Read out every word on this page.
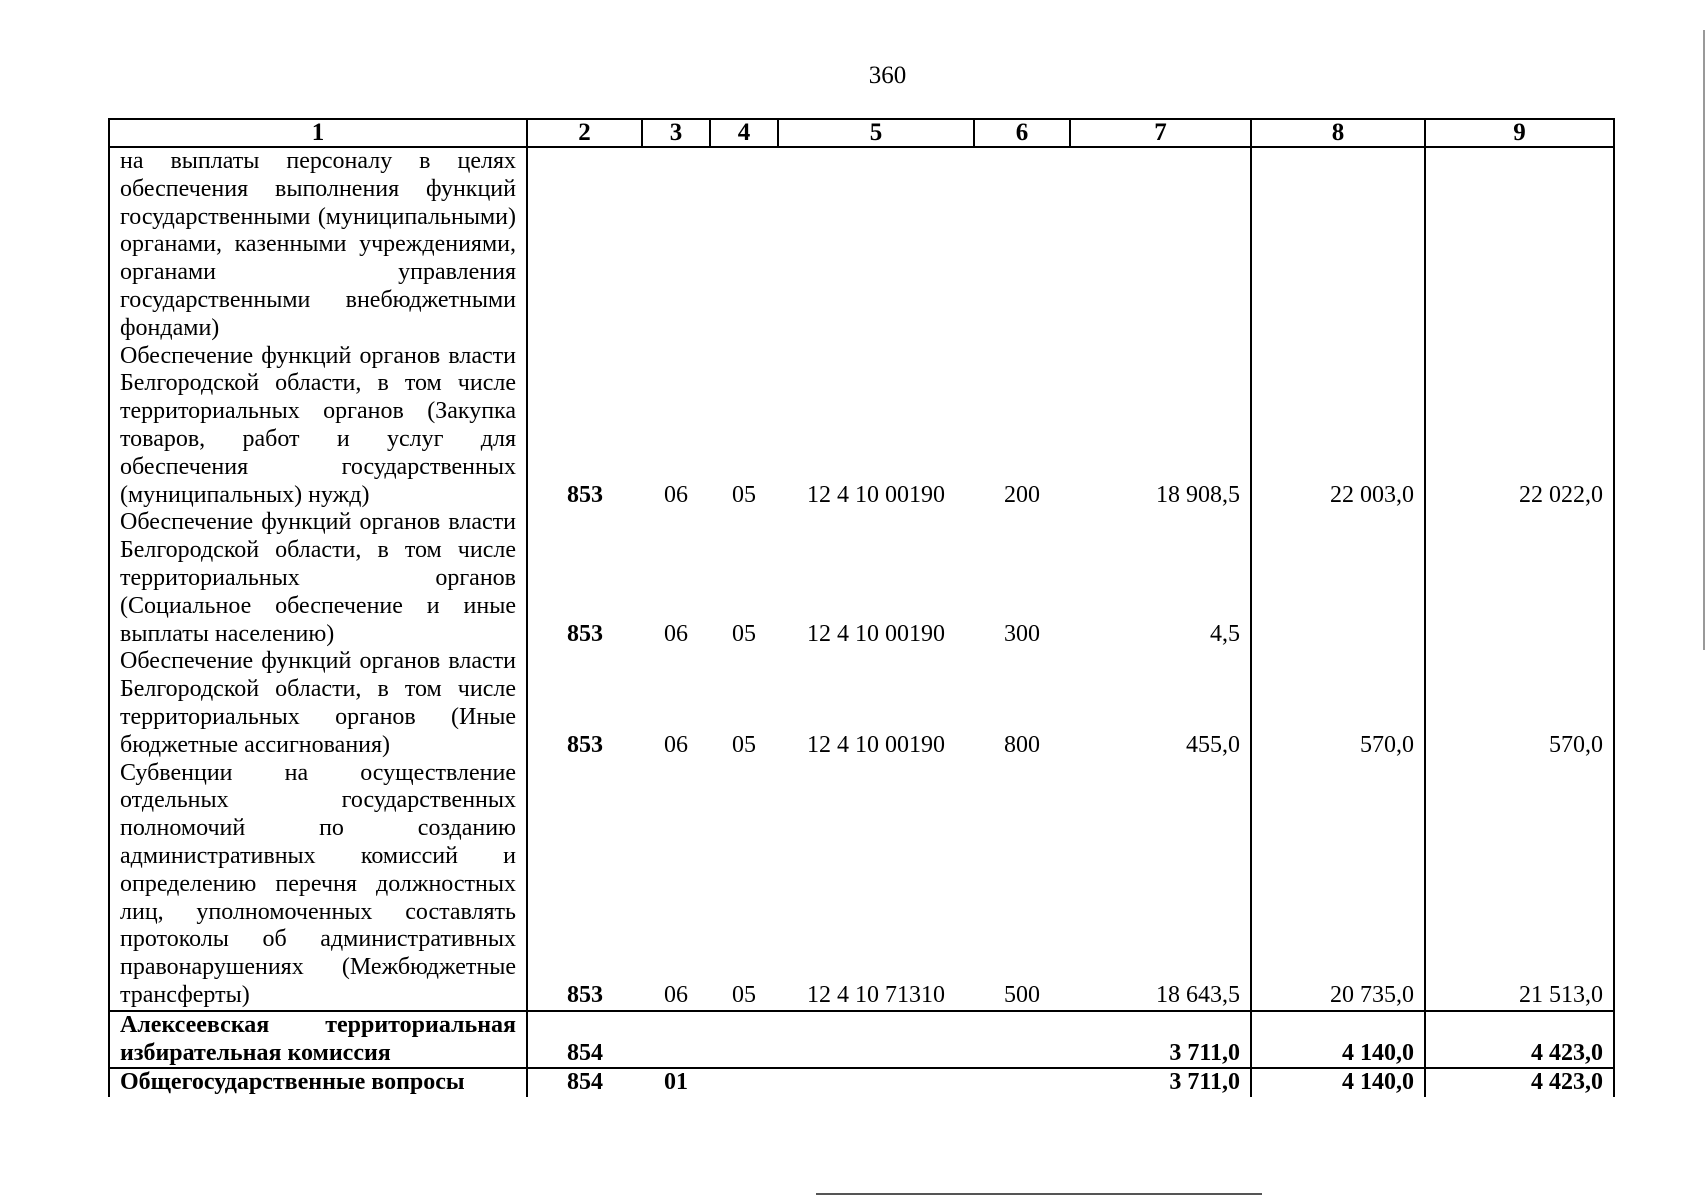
360
1	2	3	4	5	6	7	8	9
на выплаты персоналу в целях обеспечения выполнения функций государственными (муниципальными) органами, казенными учреждениями, органами управления государственными внебюджетными фондами)								
Обеспечение функций органов власти Белгородской области, в том числе территориальных органов (Закупка товаров, работ и услуг для обеспечения государственных (муниципальных) нужд)	853	06	05	12 4 10 00190	200	18 908,5	22 003,0	22 022,0
Обеспечение функций органов власти Белгородской области, в том числе территориальных органов (Социальное обеспечение и иные выплаты населению)	853	06	05	12 4 10 00190	300	4,5		
Обеспечение функций органов власти Белгородской области, в том числе территориальных органов (Иные бюджетные ассигнования)	853	06	05	12 4 10 00190	800	455,0	570,0	570,0
Субвенции на осуществление отдельных государственных полномочий по созданию административных комиссий и определению перечня должностных лиц, уполномоченных составлять протоколы об административных правонарушениях (Межбюджетные трансферты)	853	06	05	12 4 10 71310	500	18 643,5	20 735,0	21 513,0
Алексеевская территориальная избирательная комиссия	854					3 711,0	4 140,0	4 423,0
Общегосударственные вопросы	854	01				3 711,0	4 140,0	4 423,0
